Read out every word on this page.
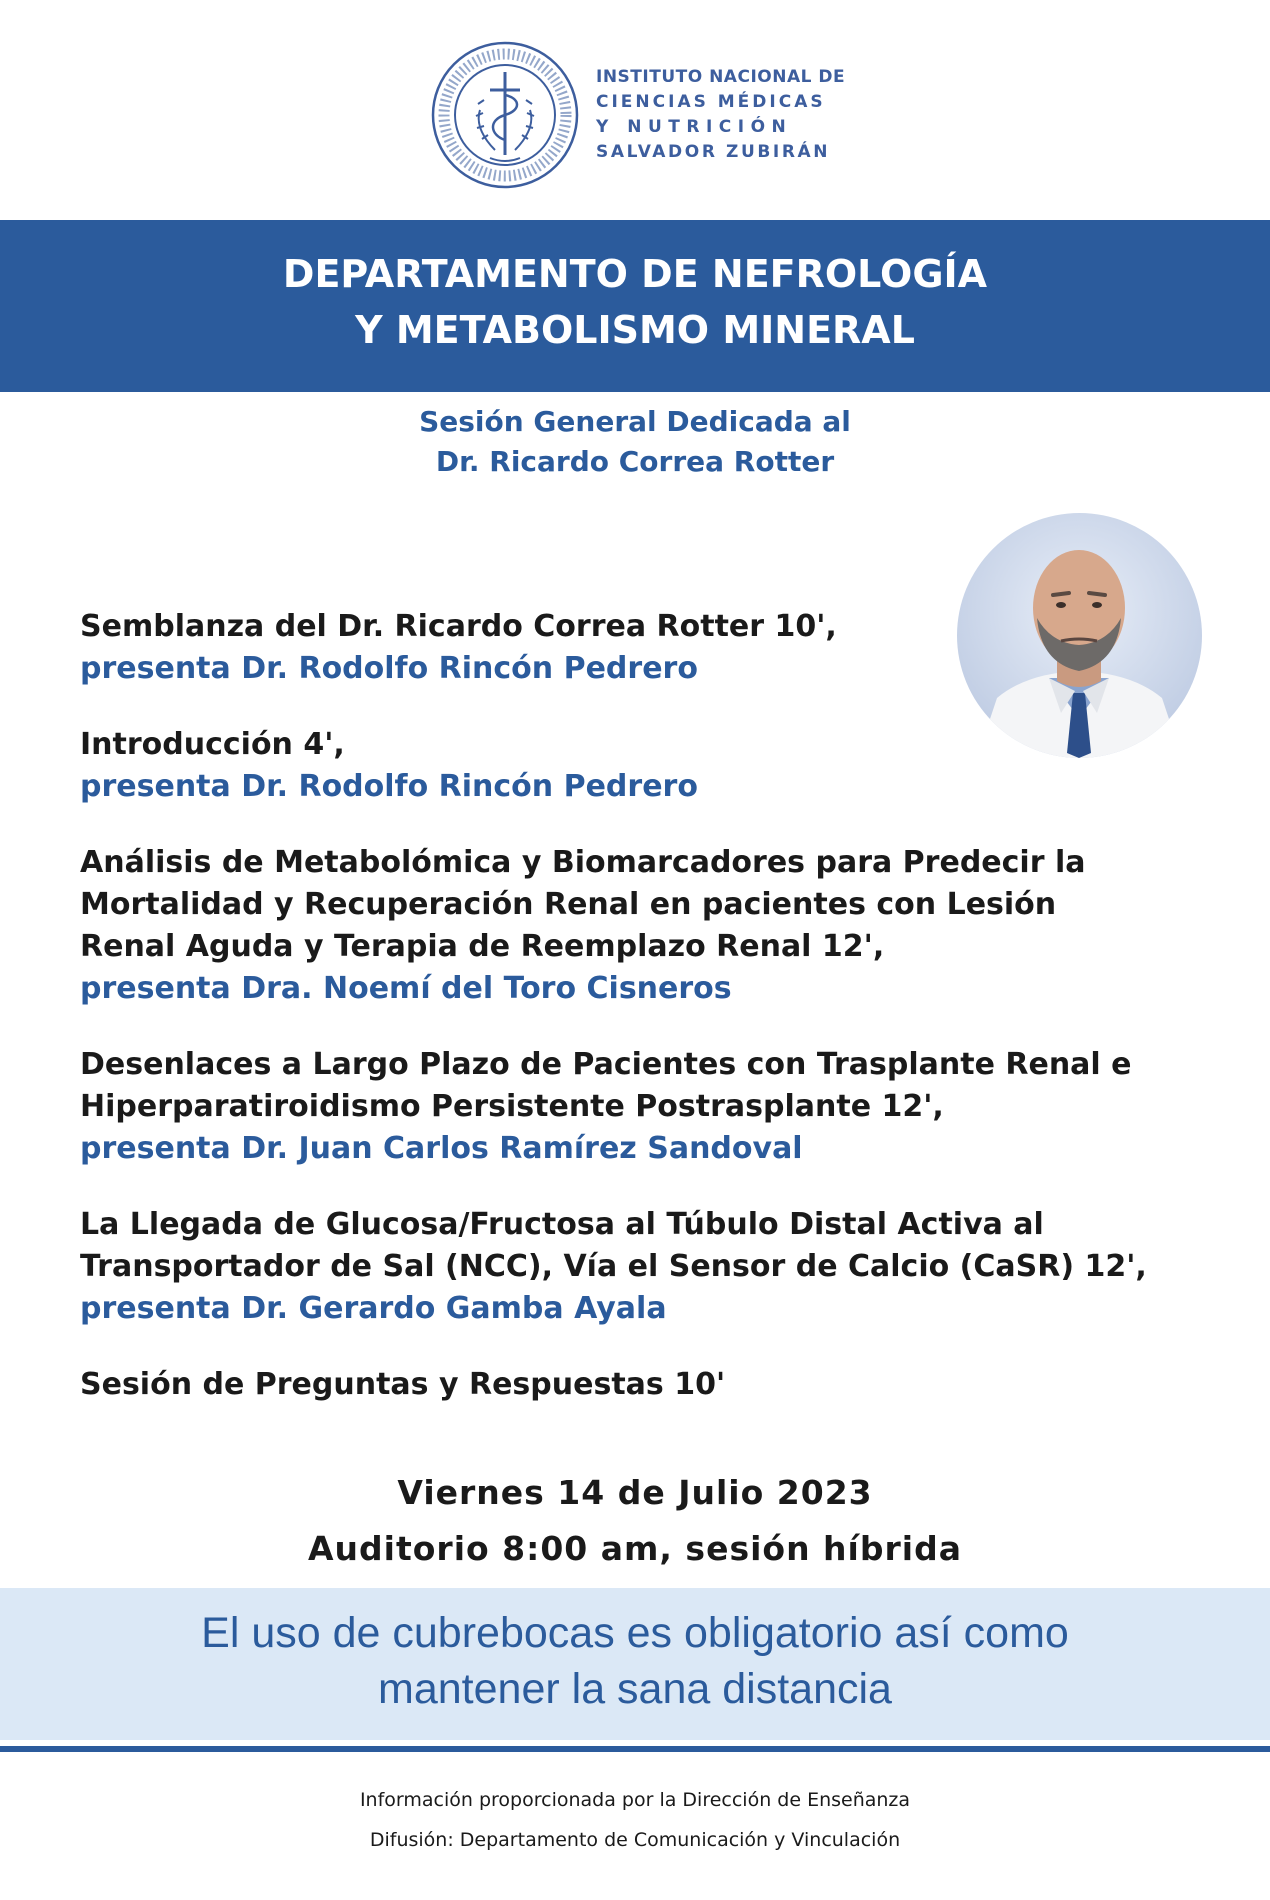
INSTITUTO NACIONAL DE
CIENCIAS MÉDICAS
Y NUTRICIÓN
SALVADOR ZUBIRÁN
DEPARTAMENTO DE NEFROLOGÍA
Y METABOLISMO MINERAL
Sesión General Dedicada al
Dr. Ricardo Correa Rotter
Semblanza del Dr. Ricardo Correa Rotter 10',
presenta Dr. Rodolfo Rincón Pedrero
Introducción 4',
presenta Dr. Rodolfo Rincón Pedrero
Análisis de Metabolómica y Biomarcadores para Predecir la
Mortalidad y Recuperación Renal en pacientes con Lesión
Renal Aguda y Terapia de Reemplazo Renal 12',
presenta Dra. Noemí del Toro Cisneros
Desenlaces a Largo Plazo de Pacientes con Trasplante Renal e
Hiperparatiroidismo Persistente Postrasplante 12',
presenta Dr. Juan Carlos Ramírez Sandoval
La Llegada de Glucosa/Fructosa al Túbulo Distal Activa al
Transportador de Sal (NCC), Vía el Sensor de Calcio (CaSR) 12',
presenta Dr. Gerardo Gamba Ayala
Sesión de Preguntas y Respuestas 10'
Viernes 14 de Julio 2023
Auditorio 8:00 am, sesión híbrida
El uso de cubrebocas es obligatorio así como
mantener la sana distancia
Información proporcionada por la Dirección de Enseñanza
Difusión: Departamento de Comunicación y Vinculación
